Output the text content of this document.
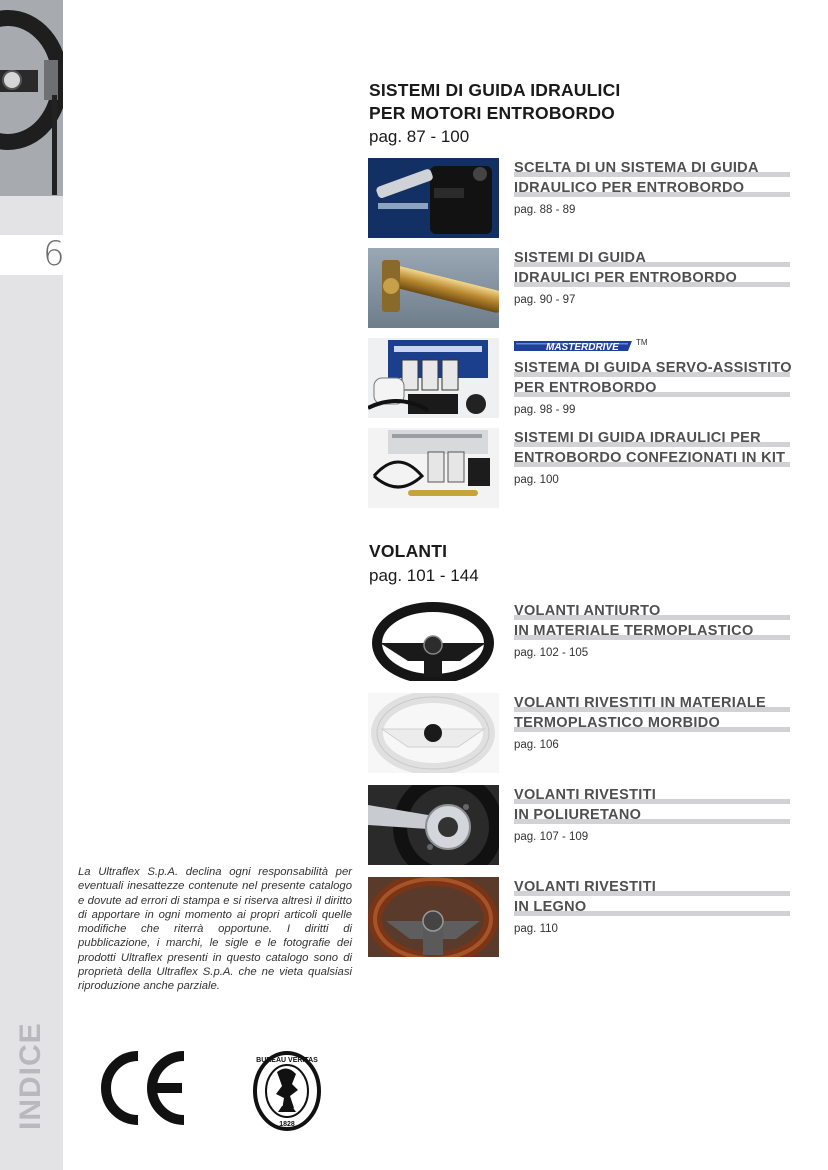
6
INDICE
SISTEMI DI GUIDA IDRAULICI
PER MOTORI ENTROBORDO
pag. 87 - 100
SCELTA DI UN SISTEMA DI GUIDA
IDRAULICO PER ENTROBORDO
pag. 88 - 89
SISTEMI DI GUIDA
IDRAULICI PER ENTROBORDO
pag. 90 - 97
MASTERDRIVE TM
SISTEMA DI GUIDA SERVO-ASSISTITO
PER ENTROBORDO
pag. 98 - 99
SISTEMI DI GUIDA IDRAULICI PER
ENTROBORDO CONFEZIONATI IN KIT
pag. 100
VOLANTI
pag. 101 - 144
VOLANTI ANTIURTO
IN MATERIALE TERMOPLASTICO
pag. 102 - 105
VOLANTI RIVESTITI IN MATERIALE
TERMOPLASTICO MORBIDO
pag. 106
VOLANTI RIVESTITI
IN POLIURETANO
pag. 107 - 109
VOLANTI RIVESTITI
IN LEGNO
pag. 110
La Ultraflex S.p.A. declina ogni responsabilità per eventuali inesattezze contenute nel presente catalogo e dovute ad errori di stampa e si riserva altresì il diritto di apportare in ogni momento ai propri articoli quelle modifiche che riterrà opportune. I diritti di pubblicazione, i marchi, le sigle e le fotografie dei prodotti Ultraflex presenti in questo catalogo sono di proprietà della Ultraflex S.p.A. che ne vieta qualsiasi riproduzione anche parziale.
BUREAU VERITAS
1828
